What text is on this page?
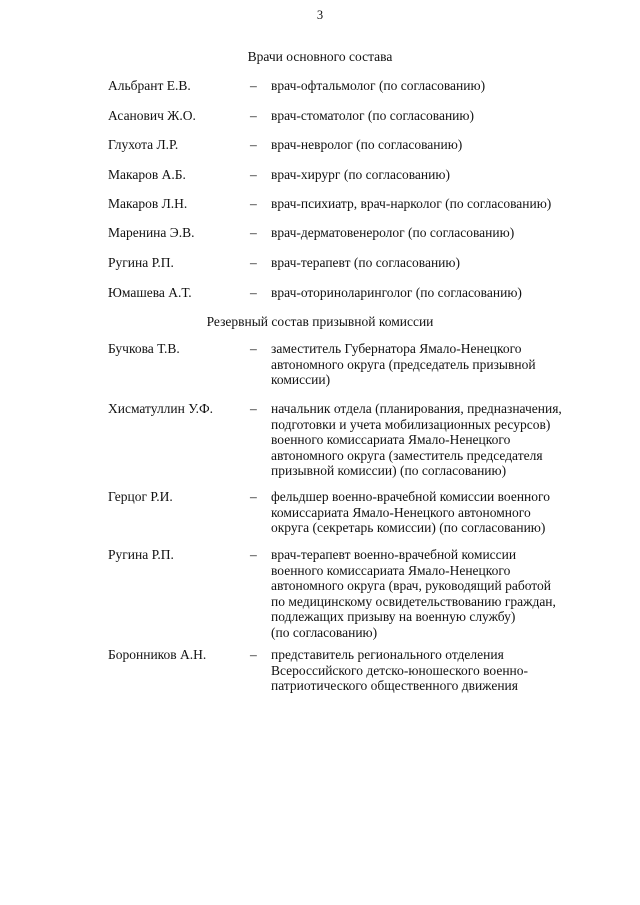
3
Врачи основного состава
Альбрант Е.В.	– врач-офтальмолог (по согласованию)
Асанович Ж.О.	– врач-стоматолог (по согласованию)
Глухота Л.Р.	– врач-невролог (по согласованию)
Макаров А.Б.	– врач-хирург (по согласованию)
Макаров Л.Н.	– врач-психиатр, врач-нарколог (по согласованию)
Маренина Э.В.	– врач-дерматовенеролог (по согласованию)
Ругина Р.П.	– врач-терапевт (по согласованию)
Юмашева А.Т.	– врач-оториноларинголог (по согласованию)
Резервный состав призывной комиссии
Бучкова Т.В.	– заместитель Губернатора Ямало-Ненецкого
автономного округа (председатель призывной
комиссии)
Хисматуллин У.Ф.	– начальник отдела (планирования, предназначения,
подготовки и учета мобилизационных ресурсов)
военного комиссариата Ямало-Ненецкого
автономного округа (заместитель председателя
призывной комиссии) (по согласованию)
Герцог Р.И.	– фельдшер военно-врачебной комиссии военного
комиссариата Ямало-Ненецкого автономного
округа (секретарь комиссии) (по согласованию)
Ругина Р.П.	– врач-терапевт военно-врачебной комиссии
военного комиссариата Ямало-Ненецкого
автономного округа (врач, руководящий работой
по медицинскому освидетельствованию граждан,
подлежащих призыву на военную службу)
(по согласованию)
Боронников А.Н.	– представитель регионального отделения
Всероссийского детско-юношеского военно-
патриотического общественного движения
